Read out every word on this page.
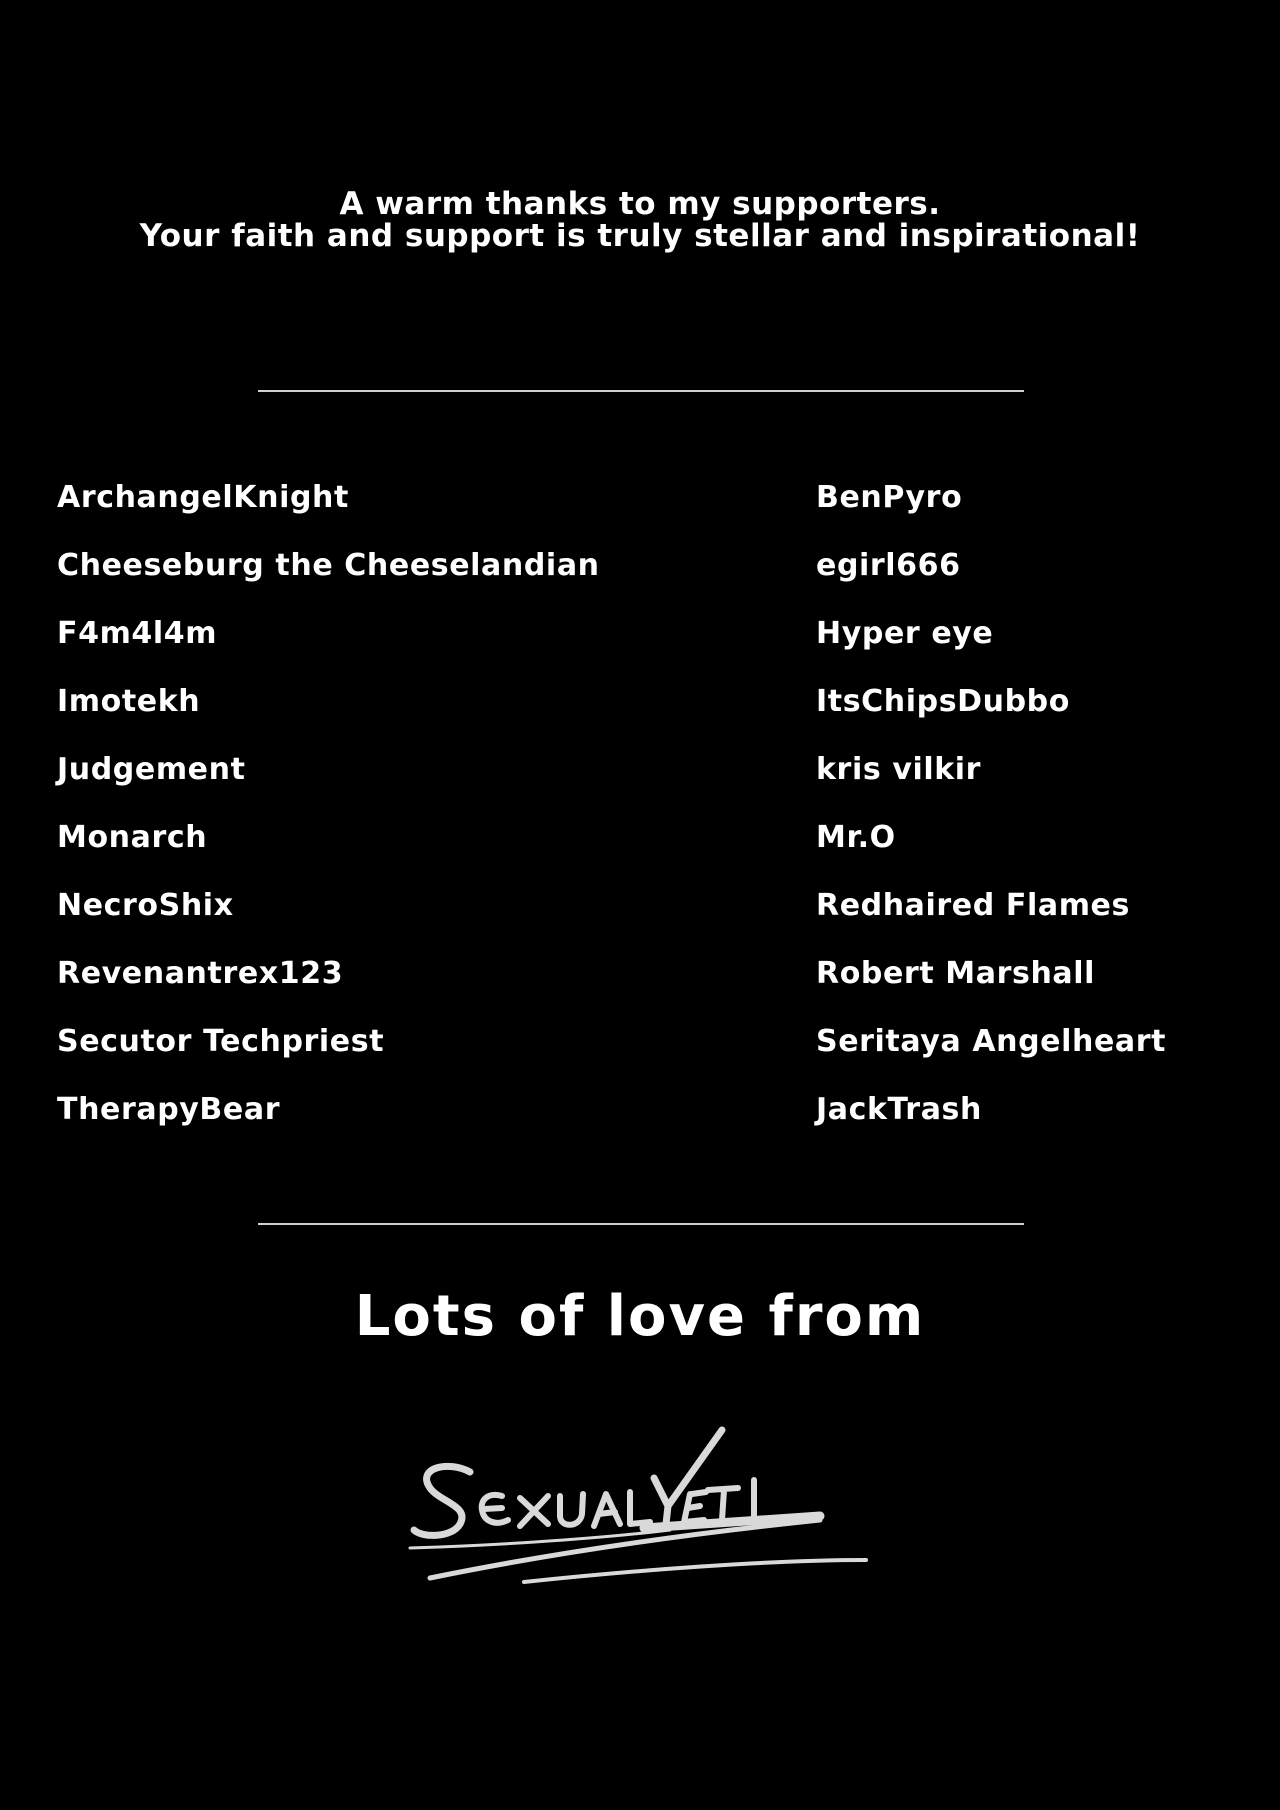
A warm thanks to my supporters.
Your faith and support is truly stellar and inspirational!
ArchangelKnight
Cheeseburg the Cheeselandian
F4m4l4m
Imotekh
Judgement
Monarch
NecroShix
Revenantrex123
Secutor Techpriest
TherapyBear
BenPyro
egirl666
Hyper eye
ItsChipsDubbo
kris vilkir
Mr.O
Redhaired Flames
Robert Marshall
Seritaya Angelheart
JackTrash
Lots of love from
